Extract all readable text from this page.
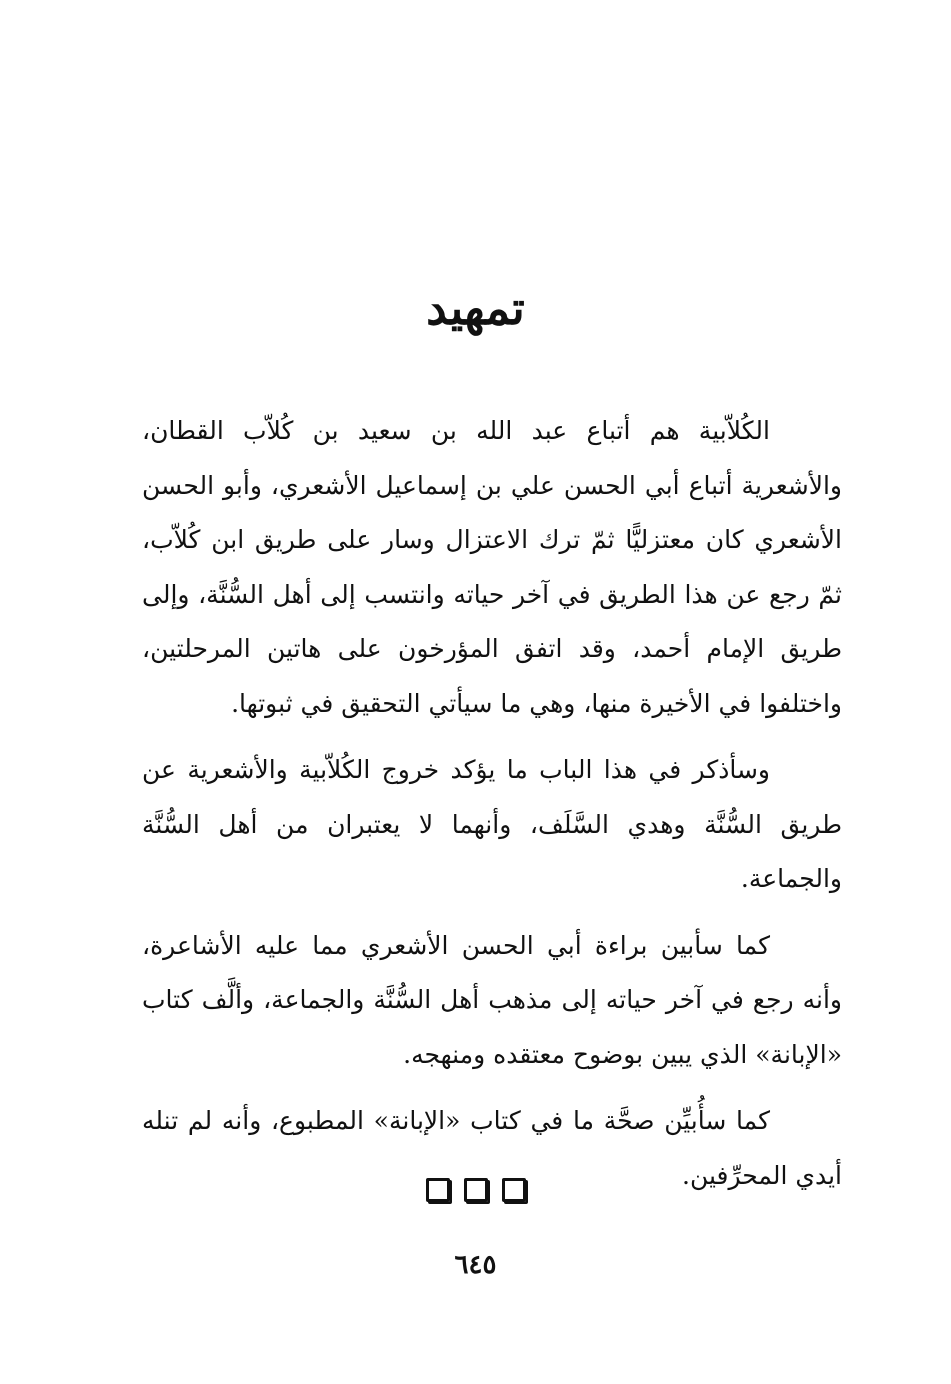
تمهيد

الكُلاّبية هم أتباع عبد الله بن سعيد بن كُلاّب القطان، والأشعرية أتباع أبي الحسن علي بن إسماعيل الأشعري، وأبو الحسن الأشعري كان معتزليًّا ثمّ ترك الاعتزال وسار على طريق ابن كُلاّب، ثمّ رجع عن هذا الطريق في آخر حياته وانتسب إلى أهل السُّنَّة، وإلى طريق الإمام أحمد، وقد اتفق المؤرخون على هاتين المرحلتين، واختلفوا في الأخيرة منها، وهي ما سيأتي التحقيق في ثبوتها.

وسأذكر في هذا الباب ما يؤكد خروج الكُلاّبية والأشعرية عن طريق السُّنَّة وهدي السَّلَف، وأنهما لا يعتبران من أهل السُّنَّة والجماعة.

كما سأبين براءة أبي الحسن الأشعري مما عليه الأشاعرة، وأنه رجع في آخر حياته إلى مذهب أهل السُّنَّة والجماعة، وألَّف كتاب «الإبانة» الذي يبين بوضوح معتقده ومنهجه.

كما سأُبيِّن صحَّة ما في كتاب «الإبانة» المطبوع، وأنه لم تنله أيدي المحرِّفين.

٦٤٥
